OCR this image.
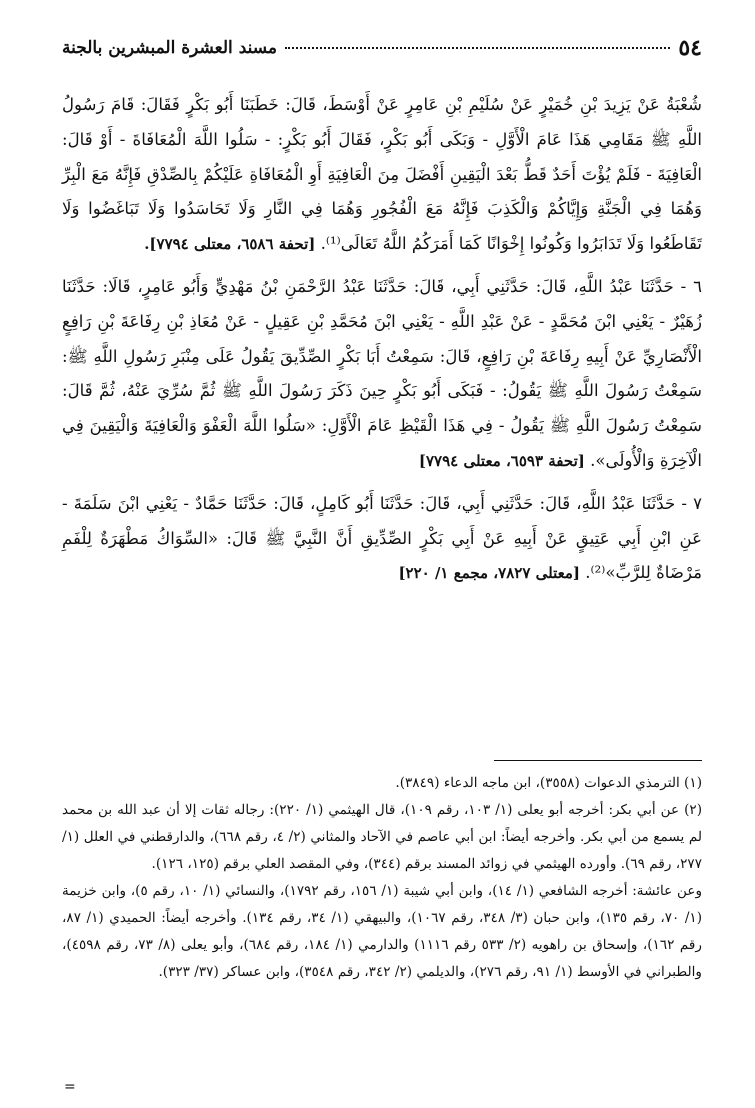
٥٤
مسند العشرة المبشرين بالجنة

شُعْبَةُ عَنْ يَزِيدَ بْنِ خُمَيْرٍ عَنْ سُلَيْمِ بْنِ عَامِرٍ عَنْ أَوْسَطَ، قَالَ: خَطَبَنَا أَبُو بَكْرٍ فَقَالَ: قَامَ رَسُولُ اللَّهِ ﷺ مَقَامِي هَذَا عَامَ الْأَوَّلِ - وَبَكَى أَبُو بَكْرٍ، فَقَالَ أَبُو بَكْرٍ: - سَلُوا اللَّهَ الْمُعَافَاةَ - أَوْ قَالَ: الْعَافِيَةَ - فَلَمْ يُؤْتَ أَحَدٌ قَطُّ بَعْدَ الْيَقِينِ أَفْضَلَ مِنَ الْعَافِيَةِ أَوِ الْمُعَافَاةِ عَلَيْكُمْ بِالصِّدْقِ فَإِنَّهُ مَعَ الْبِرِّ وَهُمَا فِي الْجَنَّةِ وَإِيَّاكُمْ وَالْكَذِبَ فَإِنَّهُ مَعَ الْفُجُورِ وَهُمَا فِي النَّارِ وَلَا تَحَاسَدُوا وَلَا تَبَاغَضُوا وَلَا تَقَاطَعُوا وَلَا تَدَابَرُوا وَكُونُوا إِخْوَانًا كَمَا أَمَرَكُمُ اللَّهُ تَعَالَى⁽¹⁾. [تحفة ٦٥٨٦، معتلى ٧٧٩٤].

٦ - حَدَّثَنَا عَبْدُ اللَّهِ، قَالَ: حَدَّثَنِي أَبِي، قَالَ: حَدَّثَنَا عَبْدُ الرَّحْمَنِ بْنُ مَهْدِيٍّ وَأَبُو عَامِرٍ، قَالَا: حَدَّثَنَا زُهَيْرٌ - يَعْنِي ابْنَ مُحَمَّدٍ - عَنْ عَبْدِ اللَّهِ - يَعْنِي ابْنَ مُحَمَّدِ بْنِ عَقِيلٍ - عَنْ مُعَاذِ بْنِ رِفَاعَةَ بْنِ رَافِعٍ الْأَنْصَارِيِّ عَنْ أَبِيهِ رِفَاعَةَ بْنِ رَافِعٍ، قَالَ: سَمِعْتُ أَبَا بَكْرٍ الصِّدِّيقَ يَقُولُ عَلَى مِنْبَرِ رَسُولِ اللَّهِ ﷺ: سَمِعْتُ رَسُولَ اللَّهِ ﷺ يَقُولُ: - فَبَكَى أَبُو بَكْرٍ حِينَ ذَكَرَ رَسُولَ اللَّهِ ﷺ ثُمَّ سُرِّيَ عَنْهُ، ثُمَّ قَالَ: سَمِعْتُ رَسُولَ اللَّهِ ﷺ يَقُولُ - فِي هَذَا الْقَيْظِ عَامَ الْأَوَّلِ: «سَلُوا اللَّهَ الْعَفْوَ وَالْعَافِيَةَ وَالْيَقِينَ فِي الْآخِرَةِ وَالْأُولَى». [تحفة ٦٥٩٣، معتلى ٧٧٩٤]

٧ - حَدَّثَنَا عَبْدُ اللَّهِ، قَالَ: حَدَّثَنِي أَبِي، قَالَ: حَدَّثَنَا أَبُو كَامِلٍ، قَالَ: حَدَّثَنَا حَمَّادٌ - يَعْنِي ابْنَ سَلَمَةَ - عَنِ ابْنِ أَبِي عَتِيقٍ عَنْ أَبِيهِ عَنْ أَبِي بَكْرٍ الصِّدِّيقِ أَنَّ النَّبِيَّ ﷺ قَالَ: «السِّوَاكُ مَطْهَرَةٌ لِلْفَمِ مَرْضَاةٌ لِلرَّبِّ»⁽²⁾. [معتلى ٧٨٢٧، مجمع ١/ ٢٢٠]

(١) الترمذي الدعوات (٣٥٥٨)، ابن ماجه الدعاء (٣٨٤٩).

(٢) عن أبي بكر: أخرجه أبو يعلى (١/ ١٠٣، رقم ١٠٩)، قال الهيثمي (١/ ٢٢٠): رجاله ثقات إلا أن عبد الله بن محمد لم يسمع من أبي بكر. وأخرجه أيضاً: ابن أبي عاصم في الآحاد والمثاني (٢/ ٤، رقم ٦٦٨)، والدارقطني في العلل (١/ ٢٧٧، رقم ٦٩). وأورده الهيثمي في زوائد المسند برقم (٣٤٤)، وفي المقصد العلي برقم (١٢٥، ١٢٦).

وعن عائشة: أخرجه الشافعي (١/ ١٤)، وابن أبي شيبة (١/ ١٥٦، رقم ١٧٩٢)، والنسائي (١/ ١٠، رقم ٥)، وابن خزيمة (١/ ٧٠، رقم ١٣٥)، وابن حبان (٣/ ٣٤٨، رقم ١٠٦٧)، والبيهقي (١/ ٣٤، رقم ١٣٤). وأخرجه أيضاً: الحميدي (١/ ٨٧، رقم ١٦٢)، وإسحاق بن راهويه (٢/ ٥٣٣ رقم ١١١٦) والدارمي (١/ ١٨٤، رقم ٦٨٤)، وأبو يعلى (٨/ ٧٣، رقم ٤٥٩٨)، والطبراني في الأوسط (١/ ٩١، رقم ٢٧٦)، والديلمي (٢/ ٣٤٢، رقم ٣٥٤٨)، وابن عساكر (٣٧/ ٣٢٣).

=
